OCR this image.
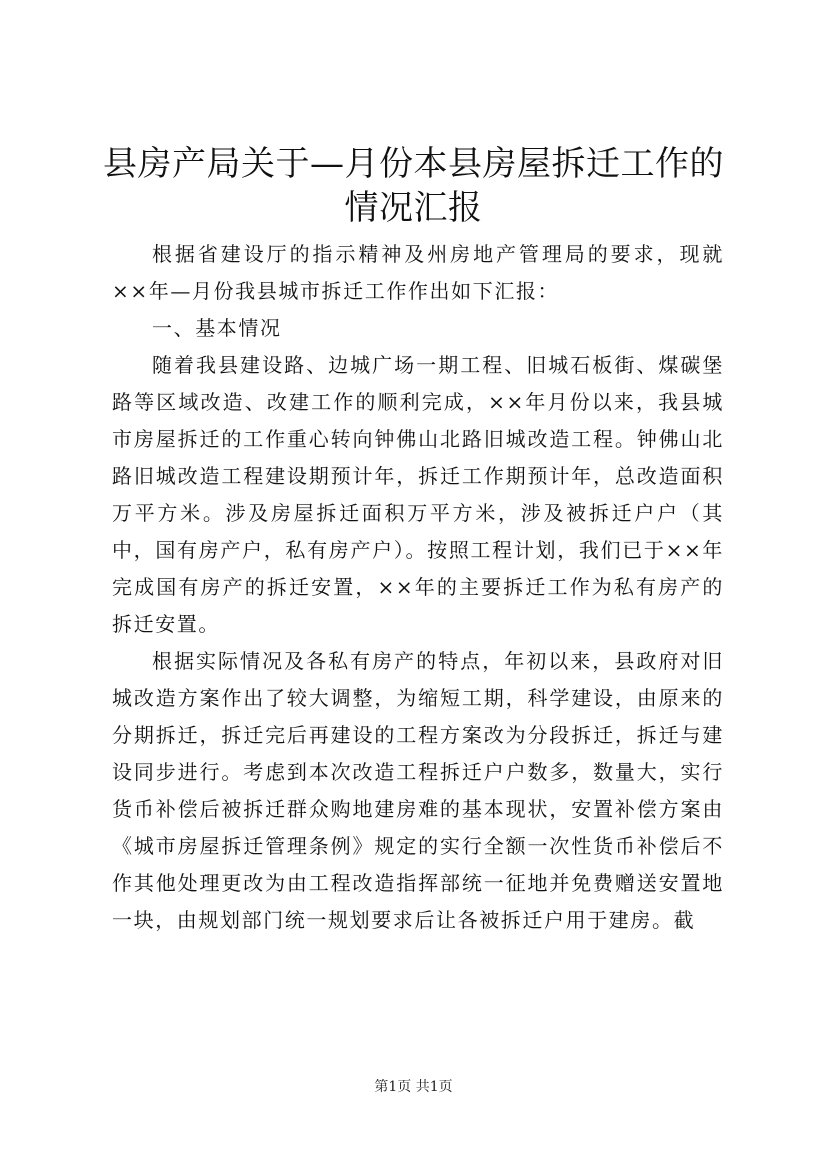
县房产局关于—月份本县房屋拆迁工作的情况汇报

根据省建设厅的指示精神及州房地产管理局的要求，现就××年—月份我县城市拆迁工作作出如下汇报：

一、基本情况

随着我县建设路、边城广场一期工程、旧城石板街、煤碳堡路等区域改造、改建工作的顺利完成，××年月份以来，我县城市房屋拆迁的工作重心转向钟佛山北路旧城改造工程。钟佛山北路旧城改造工程建设期预计年，拆迁工作期预计年，总改造面积万平方米。涉及房屋拆迁面积万平方米，涉及被拆迁户户（其中，国有房产户，私有房产户）。按照工程计划，我们已于××年完成国有房产的拆迁安置，××年的主要拆迁工作为私有房产的拆迁安置。

根据实际情况及各私有房产的特点，年初以来，县政府对旧城改造方案作出了较大调整，为缩短工期，科学建设，由原来的分期拆迁，拆迁完后再建设的工程方案改为分段拆迁，拆迁与建设同步进行。考虑到本次改造工程拆迁户户数多，数量大，实行货币补偿后被拆迁群众购地建房难的基本现状，安置补偿方案由《城市房屋拆迁管理条例》规定的实行全额一次性货币补偿后不作其他处理更改为由工程改造指挥部统一征地并免费赠送安置地一块，由规划部门统一规划要求后让各被拆迁户用于建房。截

第1页 共1页
